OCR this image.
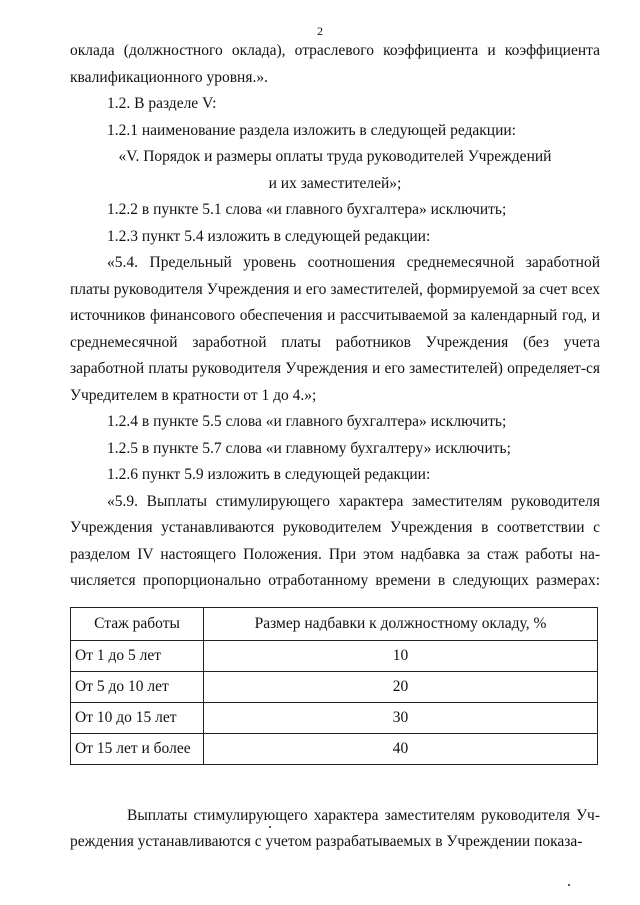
2

оклада (должностного оклада), отраслевого коэффициента и коэффициента квалификационного уровня.».

1.2. В разделе V:

1.2.1 наименование раздела изложить в следующей редакции:

«V. Порядок и размеры оплаты труда руководителей Учреждений

и их заместителей»;

1.2.2 в пункте 5.1 слова «и главного бухгалтера» исключить;

1.2.3 пункт 5.4 изложить в следующей редакции:

«5.4. Предельный уровень соотношения среднемесячной заработной платы руководителя Учреждения и его заместителей, формируемой за счет всех источников финансового обеспечения и рассчитываемой за календарный год, и среднемесячной заработной платы работников Учреждения (без учета заработной платы руководителя Учреждения и его заместителей) определяет-ся Учредителем в кратности от 1 до 4.»;

1.2.4 в пункте 5.5 слова «и главного бухгалтера» исключить;

1.2.5 в пункте 5.7 слова «и главному бухгалтеру» исключить;

1.2.6 пункт 5.9 изложить в следующей редакции:

«5.9. Выплаты стимулирующего характера заместителям руководителя Учреждения устанавливаются руководителем Учреждения в соответствии с разделом IV настоящего Положения. При этом надбавка за стаж работы на-числяется пропорционально отработанному времени в следующих размерах:

Стаж работы	Размер надбавки к должностному окладу, %
От 1 до 5 лет	10
От 5 до 10 лет	20
От 10 до 15 лет	30
От 15 лет и более	40

Выплаты стимулирующего характера заместителям руководителя Уч-реждения устанавливаются с учетом разрабатываемых в Учреждении показа-
